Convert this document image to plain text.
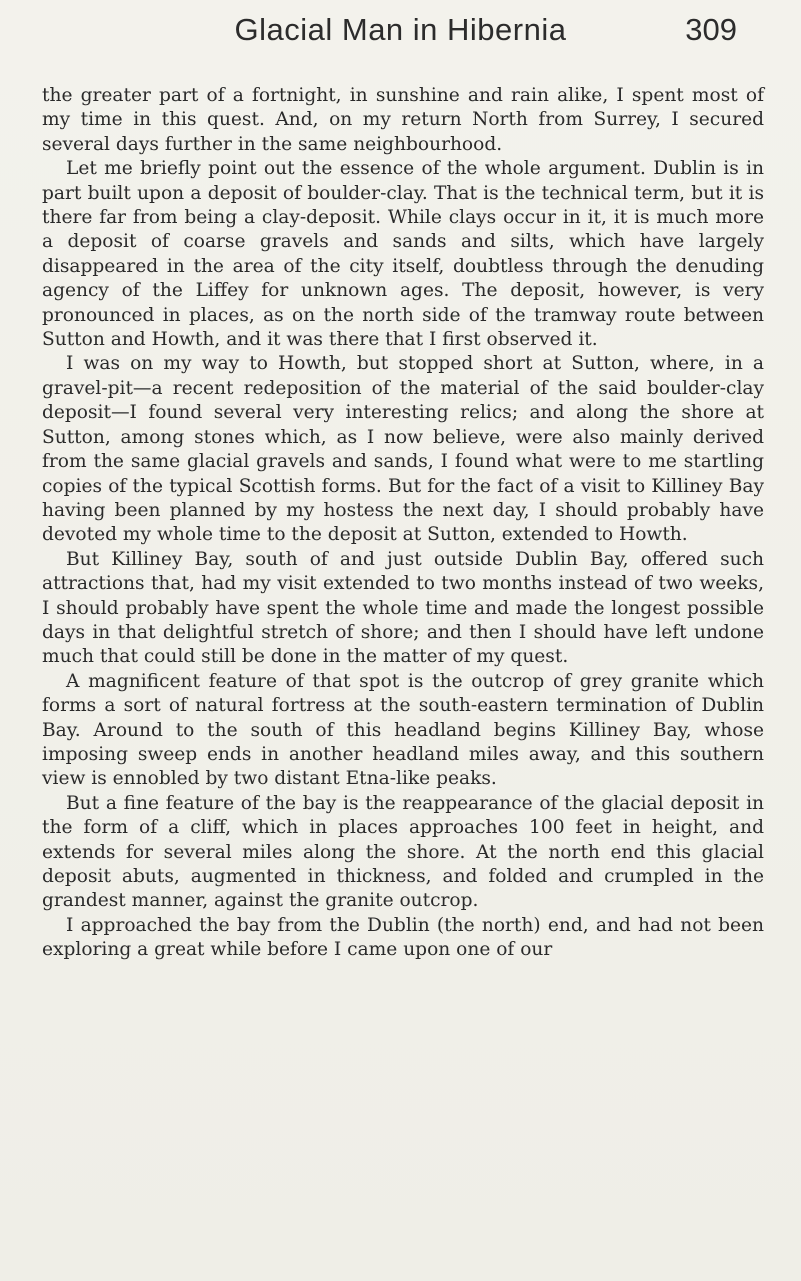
Glacial Man in Hibernia	309

the greater part of a fortnight, in sunshine and rain alike, I spent most of my time in this quest. And, on my return North from Surrey, I secured several days further in the same neighbourhood.

Let me briefly point out the essence of the whole argument. Dublin is in part built upon a deposit of boulder-clay. That is the technical term, but it is there far from being a clay-deposit. While clays occur in it, it is much more a deposit of coarse gravels and sands and silts, which have largely disappeared in the area of the city itself, doubtless through the denuding agency of the Liffey for unknown ages. The deposit, however, is very pronounced in places, as on the north side of the tramway route between Sutton and Howth, and it was there that I first observed it.

I was on my way to Howth, but stopped short at Sutton, where, in a gravel-pit—a recent redeposition of the material of the said boulder-clay deposit—I found several very interesting relics; and along the shore at Sutton, among stones which, as I now believe, were also mainly derived from the same glacial gravels and sands, I found what were to me startling copies of the typical Scottish forms. But for the fact of a visit to Killiney Bay having been planned by my hostess the next day, I should probably have devoted my whole time to the deposit at Sutton, extended to Howth.

But Killiney Bay, south of and just outside Dublin Bay, offered such attractions that, had my visit extended to two months instead of two weeks, I should probably have spent the whole time and made the longest possible days in that delightful stretch of shore; and then I should have left undone much that could still be done in the matter of my quest.

A magnificent feature of that spot is the outcrop of grey granite which forms a sort of natural fortress at the south-eastern termination of Dublin Bay. Around to the south of this headland begins Killiney Bay, whose imposing sweep ends in another headland miles away, and this southern view is ennobled by two distant Etna-like peaks.

But a fine feature of the bay is the reappearance of the glacial deposit in the form of a cliff, which in places approaches 100 feet in height, and extends for several miles along the shore. At the north end this glacial deposit abuts, augmented in thickness, and folded and crumpled in the grandest manner, against the granite outcrop.

I approached the bay from the Dublin (the north) end, and had not been exploring a great while before I came upon one of our
